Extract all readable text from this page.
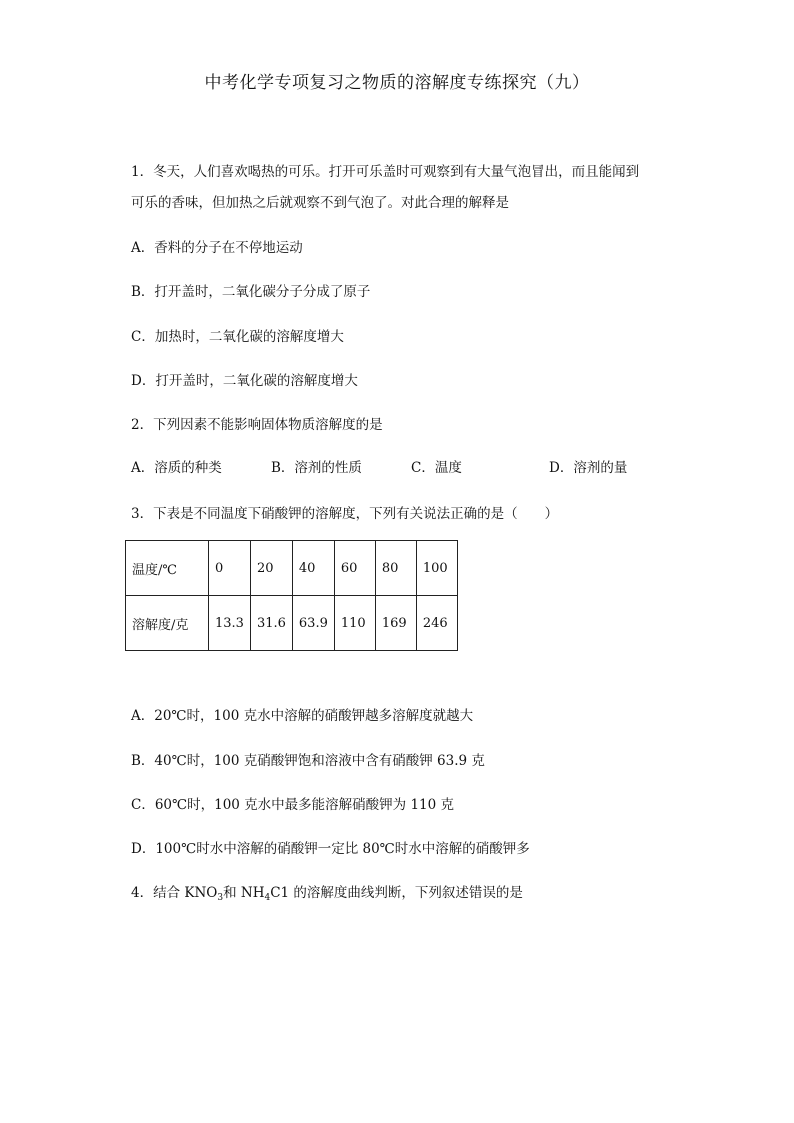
中考化学专项复习之物质的溶解度专练探究（九）
1．冬天，人们喜欢喝热的可乐。打开可乐盖时可观察到有大量气泡冒出，而且能闻到
可乐的香味，但加热之后就观察不到气泡了。对此合理的解释是
A．香料的分子在不停地运动
B．打开盖时，二氧化碳分子分成了原子
C．加热时，二氧化碳的溶解度增大
D．打开盖时，二氧化碳的溶解度增大
2．下列因素不能影响固体物质溶解度的是
A．溶质的种类	B．溶剂的性质	C．温度	D．溶剂的量
3．下表是不同温度下硝酸钾的溶解度，下列有关说法正确的是（　　）
温度/℃	0	20	40	60	80	100
溶解度/克	13.3	31.6	63.9	110	169	246
A．20℃时，100 克水中溶解的硝酸钾越多溶解度就越大
B．40℃时，100 克硝酸钾饱和溶液中含有硝酸钾 63.9 克
C．60℃时，100 克水中最多能溶解硝酸钾为 110 克
D．100℃时水中溶解的硝酸钾一定比 80℃时水中溶解的硝酸钾多
4．结合 $KNO_3$和 $NH_4C1$ 的溶解度曲线判断，下列叙述错误的是
